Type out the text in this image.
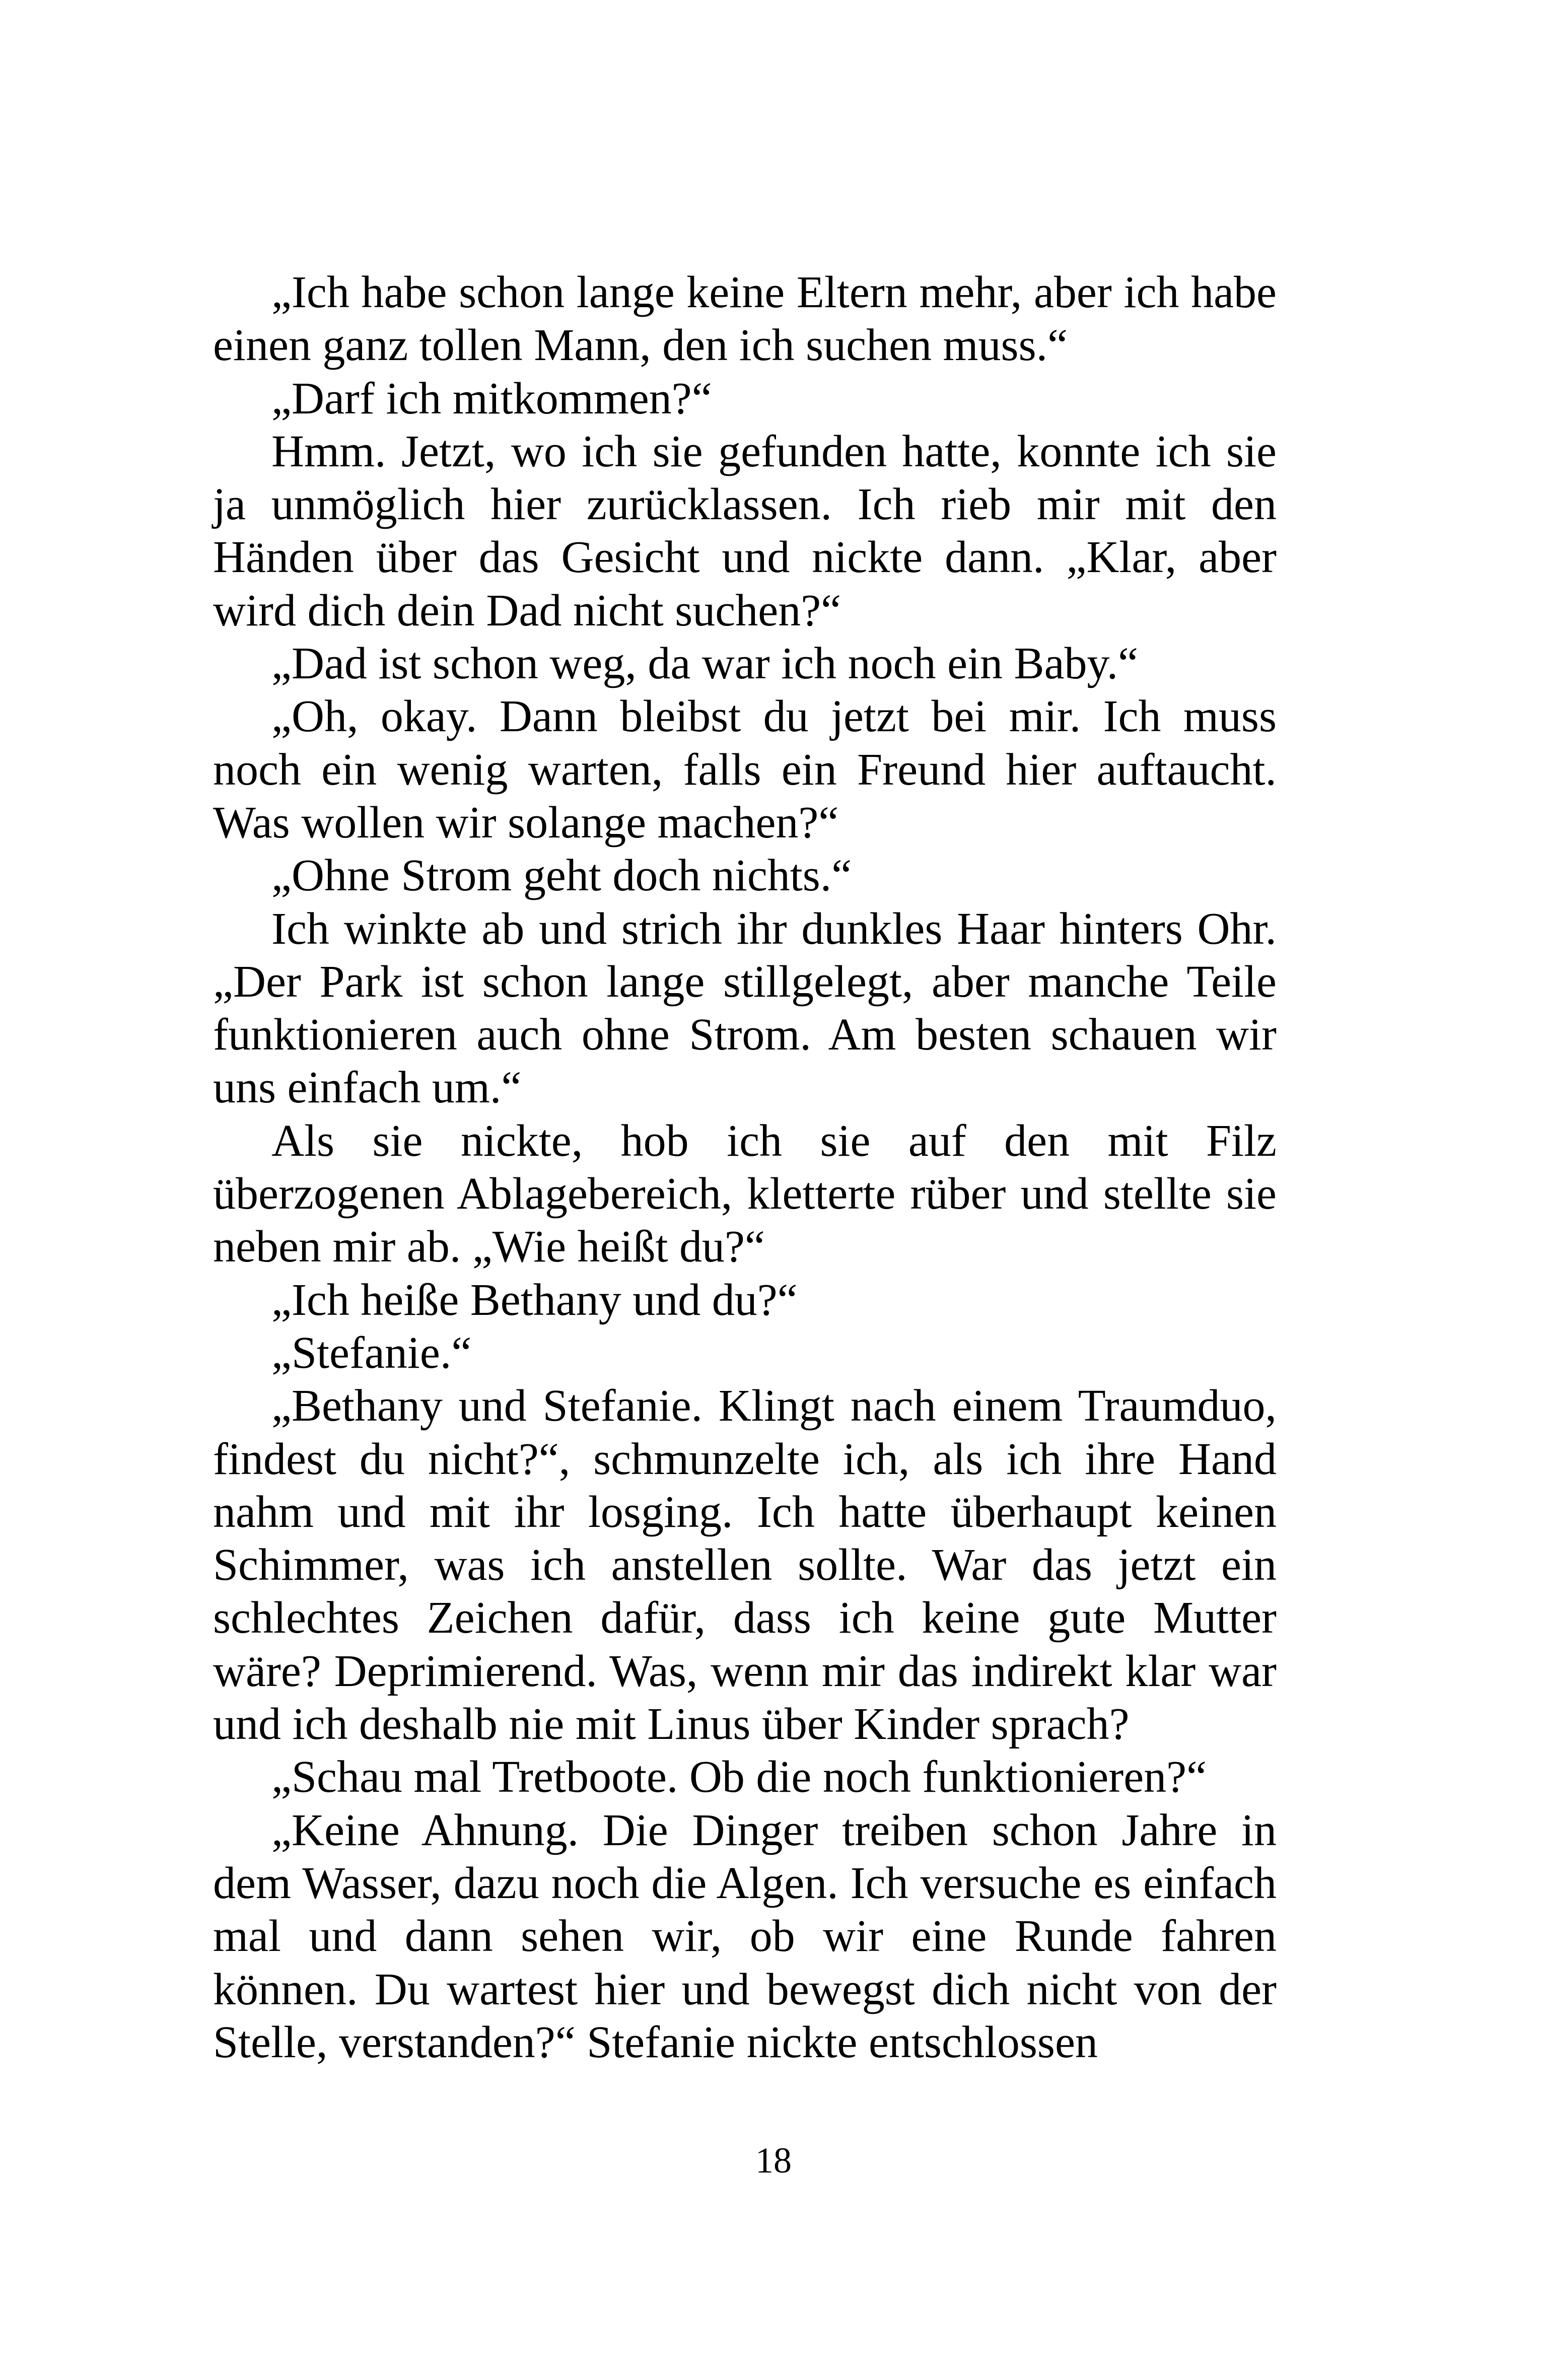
„Ich habe schon lange keine Eltern mehr, aber ich habe einen ganz tollen Mann, den ich suchen muss.“

„Darf ich mitkommen?“

Hmm. Jetzt, wo ich sie gefunden hatte, konnte ich sie ja unmöglich hier zurücklassen. Ich rieb mir mit den Händen über das Gesicht und nickte dann. „Klar, aber wird dich dein Dad nicht suchen?“

„Dad ist schon weg, da war ich noch ein Baby.“

„Oh, okay. Dann bleibst du jetzt bei mir. Ich muss noch ein wenig warten, falls ein Freund hier auftaucht. Was wollen wir solange machen?“

„Ohne Strom geht doch nichts.“

Ich winkte ab und strich ihr dunkles Haar hinters Ohr. „Der Park ist schon lange stillgelegt, aber manche Teile funktionieren auch ohne Strom. Am besten schauen wir uns einfach um.“

Als sie nickte, hob ich sie auf den mit Filz überzogenen Ablagebereich, kletterte rüber und stellte sie neben mir ab. „Wie heißt du?“

„Ich heiße Bethany und du?“

„Stefanie.“

„Bethany und Stefanie. Klingt nach einem Traumduo, findest du nicht?“, schmunzelte ich, als ich ihre Hand nahm und mit ihr losging. Ich hatte überhaupt keinen Schimmer, was ich anstellen sollte. War das jetzt ein schlechtes Zeichen dafür, dass ich keine gute Mutter wäre? Deprimierend. Was, wenn mir das indirekt klar war und ich deshalb nie mit Linus über Kinder sprach?

„Schau mal Tretboote. Ob die noch funktionieren?“

„Keine Ahnung. Die Dinger treiben schon Jahre in dem Wasser, dazu noch die Algen. Ich versuche es einfach mal und dann sehen wir, ob wir eine Runde fahren können. Du wartest hier und bewegst dich nicht von der Stelle, verstanden?“ Stefanie nickte entschlossen

18
